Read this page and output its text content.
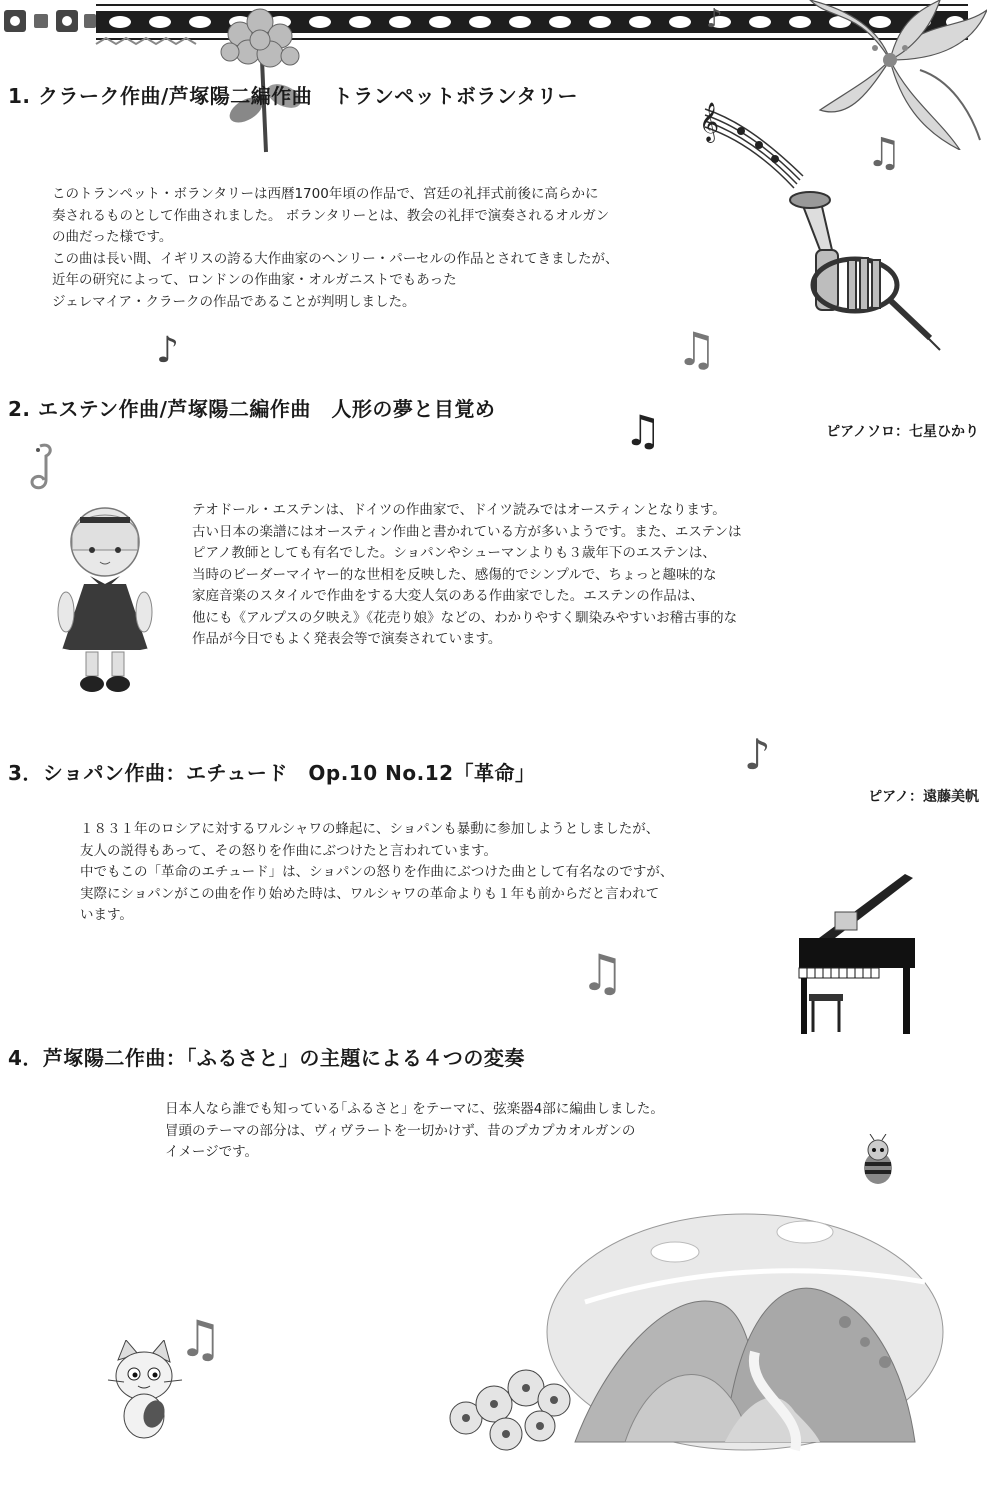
♪
1. クラーク作曲/芦塚陽二編作曲　トランペットボランタリー
𝄞
♫
このトランペット・ボランタリーは西暦1700年頃の作品で、宮廷の礼拝式前後に高らかに
奏されるものとして作曲されました。 ボランタリーとは、教会の礼拝で演奏されるオルガン
の曲だった様です。
この曲は長い間、イギリスの誇る大作曲家のヘンリー・パーセルの作品とされてきましたが、
近年の研究によって、ロンドンの作曲家・オルガニストでもあった
ジェレマイア・クラークの作品であることが判明しました。
♪	♫
2. エステン作曲/芦塚陽二編作曲　人形の夢と目覚め	♫	ピアノソロ：七星ひかり
テオドール・エステンは、ドイツの作曲家で、ドイツ読みではオースティンとなります。
古い日本の楽譜にはオースティン作曲と書かれている方が多いようです。また、エステンは
ピアノ教師としても有名でした。ショパンやシューマンよりも３歳年下のエステンは、
当時のビーダーマイヤー的な世相を反映した、感傷的でシンプルで、ちょっと趣味的な
家庭音楽のスタイルで作曲をする大変人気のある作曲家でした。エステンの作品は、
他にも《アルプスの夕映え》《花売り娘》などの、わかりやすく馴染みやすいお稽古事的な
作品が今日でもよく発表会等で演奏されています。
3．ショパン作曲：エチュード　Op.10 No.12「革命」	♪
ピアノ：遠藤美帆
１８３１年のロシアに対するワルシャワの蜂起に、ショパンも暴動に参加しようとしましたが、
友人の説得もあって、その怒りを作曲にぶつけたと言われています。
中でもこの「革命のエチュード」は、ショパンの怒りを作曲にぶつけた曲として有名なのですが、
実際にショパンがこの曲を作り始めた時は、ワルシャワの革命よりも１年も前からだと言われて
います。
♫
4．芦塚陽二作曲：「ふるさと」の主題による４つの変奏
日本人なら誰でも知っている｢ふるさと｣ をテーマに、弦楽器4部に編曲しました。
冒頭のテーマの部分は、ヴィヴラートを一切かけず、昔のプカプカオルガンの
イメージです。
♫
